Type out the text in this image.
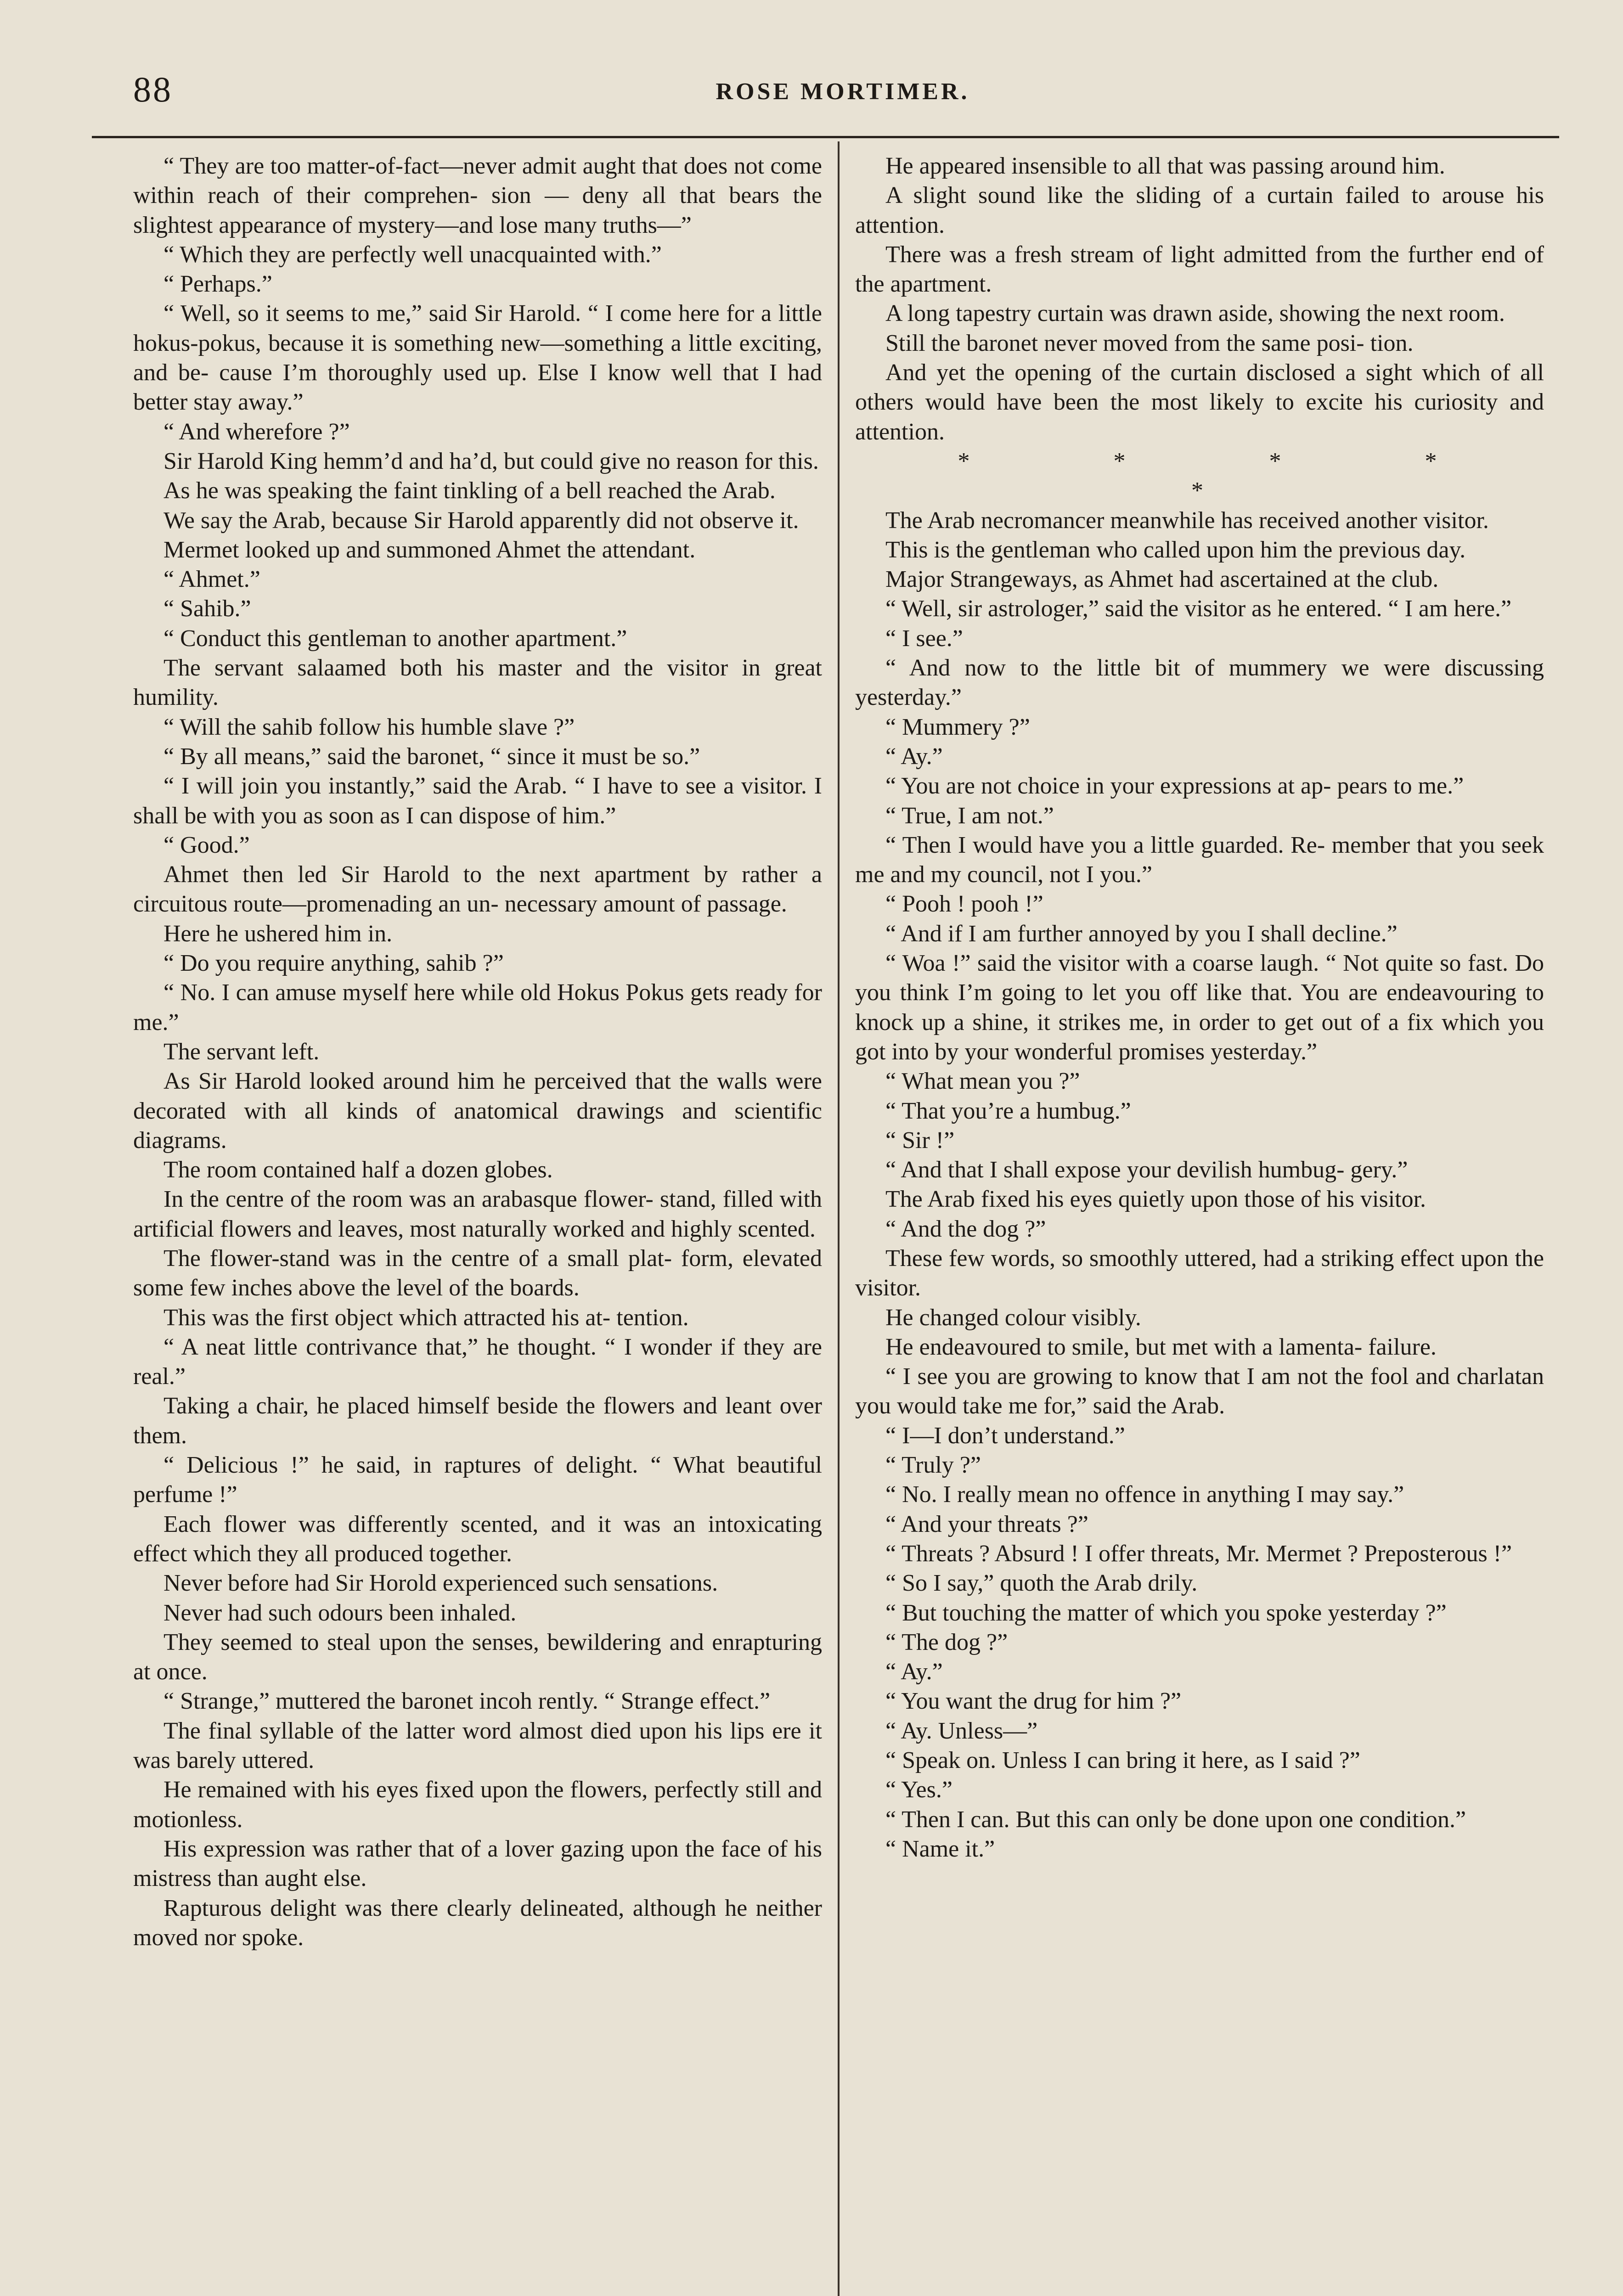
88	ROSE MORTIMER.

“ They are too matter-of-fact—never admit aught that does not come within reach of their comprehen- sion — deny all that bears the slightest appearance of mystery—and lose many truths—”

“ Which they are perfectly well unacquainted with.”

“ Perhaps.”

“ Well, so it seems to me,” said Sir Harold. “ I come here for a little hokus-pokus, because it is something new—something a little exciting, and be- cause I’m thoroughly used up. Else I know well that I had better stay away.”

“ And wherefore ?”

Sir Harold King hemm’d and ha’d, but could give no reason for this.

As he was speaking the faint tinkling of a bell reached the Arab.

We say the Arab, because Sir Harold apparently did not observe it.

Mermet looked up and summoned Ahmet the attendant.

“ Ahmet.”

“ Sahib.”

“ Conduct this gentleman to another apartment.”

The servant salaamed both his master and the visitor in great humility.

“ Will the sahib follow his humble slave ?”

“ By all means,” said the baronet, “ since it must be so.”

“ I will join you instantly,” said the Arab. “ I have to see a visitor. I shall be with you as soon as I can dispose of him.”

“ Good.”

Ahmet then led Sir Harold to the next apartment by rather a circuitous route—promenading an un- necessary amount of passage.

Here he ushered him in.

“ Do you require anything, sahib ?”

“ No. I can amuse myself here while old Hokus Pokus gets ready for me.”

The servant left.

As Sir Harold looked around him he perceived that the walls were decorated with all kinds of anatomical drawings and scientific diagrams.

The room contained half a dozen globes.

In the centre of the room was an arabasque flower- stand, filled with artificial flowers and leaves, most naturally worked and highly scented.

The flower-stand was in the centre of a small plat- form, elevated some few inches above the level of the boards.

This was the first object which attracted his at- tention.

“ A neat little contrivance that,” he thought. “ I wonder if they are real.”

Taking a chair, he placed himself beside the flowers and leant over them.

“ Delicious !” he said, in raptures of delight. “ What beautiful perfume !”

Each flower was differently scented, and it was an intoxicating effect which they all produced together.

Never before had Sir Horold experienced such sensations.

Never had such odours been inhaled.

They seemed to steal upon the senses, bewildering and enrapturing at once.

“ Strange,” muttered the baronet incoh rently. “ Strange effect.”

The final syllable of the latter word almost died upon his lips ere it was barely uttered.

He remained with his eyes fixed upon the flowers, perfectly still and motionless.

His expression was rather that of a lover gazing upon the face of his mistress than aught else.

Rapturous delight was there clearly delineated, although he neither moved nor spoke.

He appeared insensible to all that was passing around him.

A slight sound like the sliding of a curtain failed to arouse his attention.

There was a fresh stream of light admitted from the further end of the apartment.

A long tapestry curtain was drawn aside, showing the next room.

Still the baronet never moved from the same posi- tion.

And yet the opening of the curtain disclosed a sight which of all others would have been the most likely to excite his curiosity and attention.

* * * * *

The Arab necromancer meanwhile has received another visitor.

This is the gentleman who called upon him the previous day.

Major Strangeways, as Ahmet had ascertained at the club.

“ Well, sir astrologer,” said the visitor as he entered. “ I am here.”

“ I see.”

“ And now to the little bit of mummery we were discussing yesterday.”

“ Mummery ?”

“ Ay.”

“ You are not choice in your expressions at ap- pears to me.”

“ True, I am not.”

“ Then I would have you a little guarded. Re- member that you seek me and my council, not I you.”

“ Pooh ! pooh !”

“ And if I am further annoyed by you I shall decline.”

“ Woa !” said the visitor with a coarse laugh. “ Not quite so fast. Do you think I’m going to let you off like that. You are endeavouring to knock up a shine, it strikes me, in order to get out of a fix which you got into by your wonderful promises yesterday.”

“ What mean you ?”

“ That you’re a humbug.”

“ Sir !”

“ And that I shall expose your devilish humbug- gery.”

The Arab fixed his eyes quietly upon those of his visitor.

“ And the dog ?”

These few words, so smoothly uttered, had a striking effect upon the visitor.

He changed colour visibly.

He endeavoured to smile, but met with a lamenta- failure.

“ I see you are growing to know that I am not the fool and charlatan you would take me for,” said the Arab.

“ I—I don’t understand.”

“ Truly ?”

“ No. I really mean no offence in anything I may say.”

“ And your threats ?”

“ Threats ? Absurd ! I offer threats, Mr. Mermet ? Preposterous !”

“ So I say,” quoth the Arab drily.

“ But touching the matter of which you spoke yesterday ?”

“ The dog ?”

“ Ay.”

“ You want the drug for him ?”

“ Ay. Unless—”

“ Speak on. Unless I can bring it here, as I said ?”

“ Yes.”

“ Then I can. But this can only be done upon one condition.”

“ Name it.”
